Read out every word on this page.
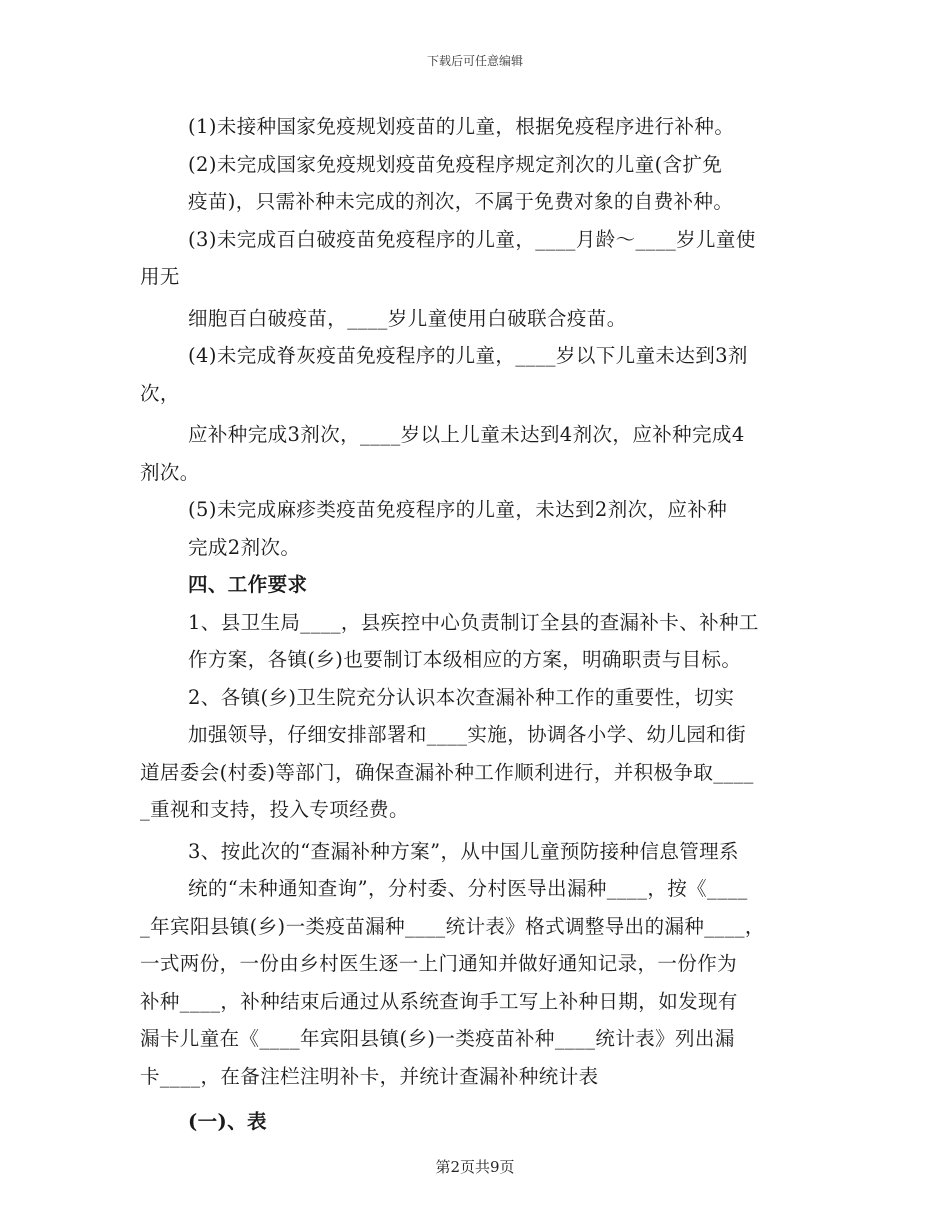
下载后可任意编辑
(1)未接种国家免疫规划疫苗的儿童，根据免疫程序进行补种。
(2)未完成国家免疫规划疫苗免疫程序规定剂次的儿童(含扩免
疫苗)，只需补种未完成的剂次，不属于免费对象的自费补种。
(3)未完成百白破疫苗免疫程序的儿童，____月龄～____岁儿童使
用无
细胞百白破疫苗，____岁儿童使用白破联合疫苗。
(4)未完成脊灰疫苗免疫程序的儿童，____岁以下儿童未达到3剂
次，
应补种完成3剂次，____岁以上儿童未达到4剂次，应补种完成4
剂次。
(5)未完成麻疹类疫苗免疫程序的儿童，未达到2剂次，应补种
完成2剂次。
四、工作要求
1、县卫生局____，县疾控中心负责制订全县的查漏补卡、补种工
作方案，各镇(乡)也要制订本级相应的方案，明确职责与目标。
2、各镇(乡)卫生院充分认识本次查漏补种工作的重要性，切实
加强领导，仔细安排部署和____实施，协调各小学、幼儿园和街
道居委会(村委)等部门，确保查漏补种工作顺利进行，并积极争取____
_重视和支持，投入专项经费。
3、按此次的“查漏补种方案”，从中国儿童预防接种信息管理系
统的“未种通知查询”，分村委、分村医导出漏种____，按《____
_年宾阳县镇(乡)一类疫苗漏种____统计表》格式调整导出的漏种____，
一式两份，一份由乡村医生逐一上门通知并做好通知记录，一份作为
补种____，补种结束后通过从系统查询手工写上补种日期，如发现有
漏卡儿童在《____年宾阳县镇(乡)一类疫苗补种____统计表》列出漏
卡____，在备注栏注明补卡，并统计查漏补种统计表
(一)、表
第2页共9页
